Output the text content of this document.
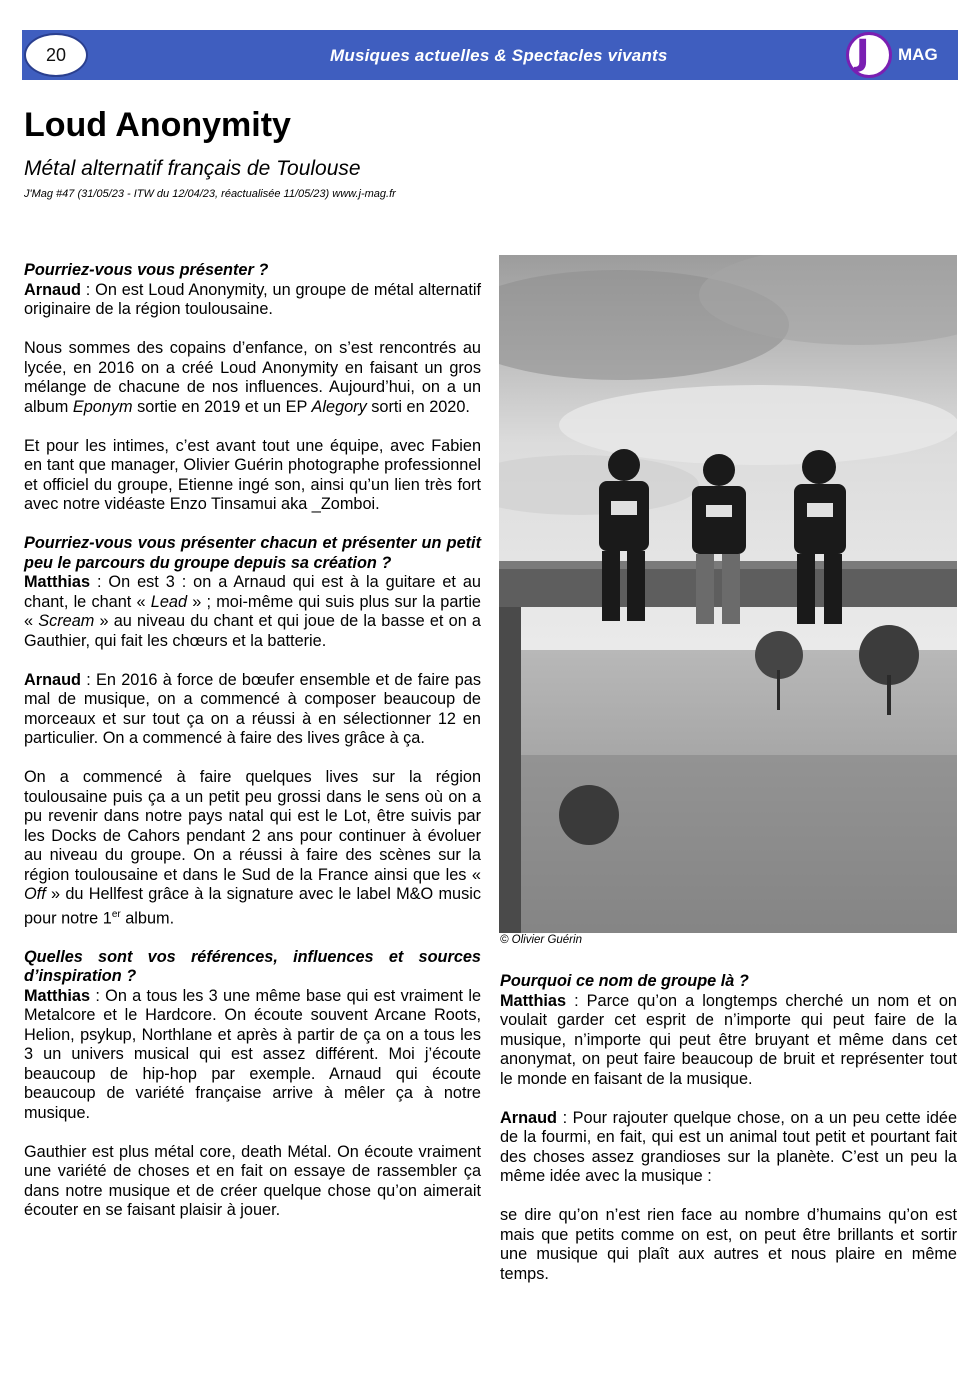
20	Musiques actuelles & Spectacles vivants	J MAG
Loud Anonymity
Métal alternatif français de Toulouse
J'Mag #47 (31/05/23 - ITW du 12/04/23, réactualisée 11/05/23) www.j-mag.fr

Pourriez-vous vous présenter ?
Arnaud : On est Loud Anonymity, un groupe de métal alternatif originaire de la région toulousaine.

Nous sommes des copains d’enfance, on s’est rencontrés au lycée, en 2016 on a créé Loud Anonymity en faisant un gros mélange de chacune de nos influences. Aujourd’hui, on a un album Eponym sortie en 2019 et un EP Alegory sorti en 2020.

Et pour les intimes, c’est avant tout une équipe, avec Fabien en tant que manager, Olivier Guérin photographe professionnel et officiel du groupe, Etienne ingé son, ainsi qu’un lien très fort avec notre vidéaste Enzo Tinsamui aka _Zomboi.

Pourriez-vous vous présenter chacun et présenter un petit peu le parcours du groupe depuis sa création ?
Matthias : On est 3 : on a Arnaud qui est à la guitare et au chant, le chant « Lead » ; moi-même qui suis plus sur la partie « Scream » au niveau du chant et qui joue de la basse et on a Gauthier, qui fait les chœurs et la batterie.

Arnaud : En 2016 à force de bœufer ensemble et de faire pas mal de musique, on a commencé à composer beaucoup de morceaux et sur tout ça on a réussi à en sélectionner 12 en particulier. On a commencé à faire des lives grâce à ça.

On a commencé à faire quelques lives sur la région toulousaine puis ça a un petit peu grossi dans le sens où on a pu revenir dans notre pays natal qui est le Lot, être suivis par les Docks de Cahors pendant 2 ans pour continuer à évoluer au niveau du groupe. On a réussi à faire des scènes sur la région toulousaine et dans le Sud de la France ainsi que les « Off » du Hellfest grâce à la signature avec le label M&O music pour notre 1er album.

Quelles sont vos références, influences et sources d’inspiration ?
Matthias : On a tous les 3 une même base qui est vraiment le Metalcore et le Hardcore. On écoute souvent Arcane Roots, Helion, psykup, Northlane et après à partir de ça on a tous les 3 un univers musical qui est assez différent. Moi j’écoute beaucoup de hip-hop par exemple. Arnaud qui écoute beaucoup de variété française arrive à mêler ça à notre musique.

Gauthier est plus métal core, death Métal. On écoute vraiment une variété de choses et en fait on essaye de rassembler ça dans notre musique et de créer quelque chose qu’on aimerait écouter en se faisant plaisir à jouer.

© Olivier Guérin

Pourquoi ce nom de groupe là ?
Matthias : Parce qu’on a longtemps cherché un nom et on voulait garder cet esprit de n’importe qui peut faire de la musique, n’importe qui peut être bruyant et même dans cet anonymat, on peut faire beaucoup de bruit et représenter tout le monde en faisant de la musique.

Arnaud : Pour rajouter quelque chose, on a un peu cette idée de la fourmi, en fait, qui est un animal tout petit et pourtant fait des choses assez grandioses sur la planète. C’est un peu la même idée avec la musique :

se dire qu’on n’est rien face au nombre d’humains qu’on est mais que petits comme on est, on peut être brillants et sortir une musique qui plaît aux autres et nous plaire en même temps.
